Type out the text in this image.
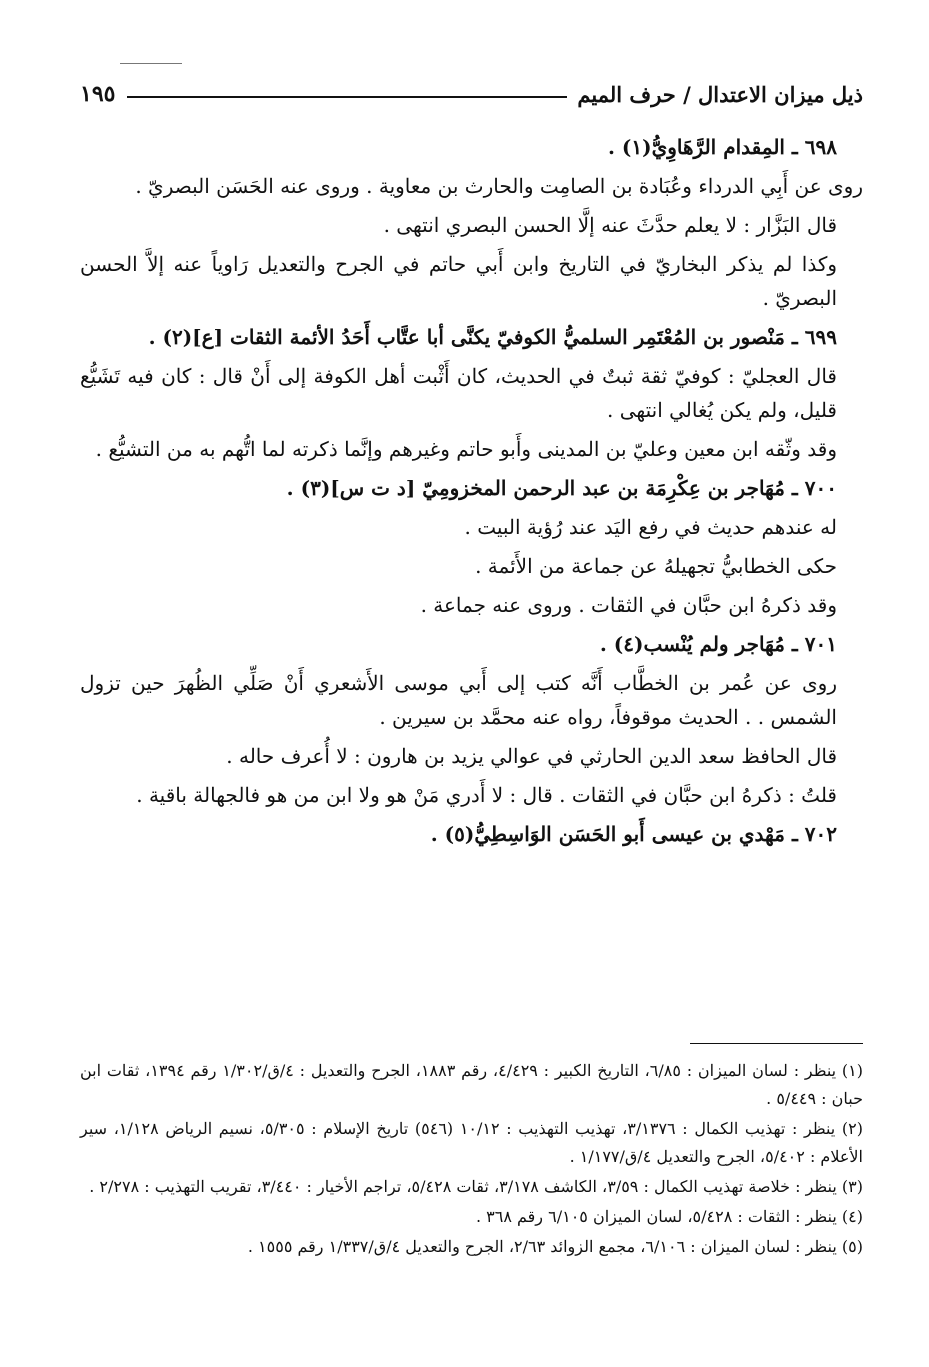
ذيل ميزان الاعتدال / حرف الميم
١٩٥

٦٩٨ ـ المِقدام الرَّهَاوِيُّ(١) .

روى عن أَبِي الدرداء وعُبَادة بن الصامِت والحارث بن معاوية . وروى عنه الحَسَن البصريّ .

قال البَزَّار : لا يعلم حدَّثَ عنه إلَّا الحسن البصري انتهى .

وكذا لم يذكر البخاريّ في التاريخ وابن أَبي حاتم في الجرح والتعديل رَاوياً عنه إلاَّ الحسن البصريّ .

٦٩٩ ـ مَنْصور بن المُعْتَمِر السلميُّ الكوفيّ يكنَّى أبا عتَّاب أَحَدُ الأئمة الثقات [ع](٢) .

قال العجليّ : كوفيّ ثقة ثبتٌ في الحديث، كان أَثْبت أهل الكوفة إلى أَنْ قال : كان فيه تَشَيُّع قليل، ولم يكن يُغالي انتهى .

وقد وثّقه ابن معين وعليّ بن المدينى وأَبو حاتم وغيرهم وإنَّما ذكرته لما اتُّهم به من التشيُّع .

٧٠٠ ـ مُهَاجر بن عِكْرِمَة بن عبد الرحمن المخزومِيّ [د ت س](٣) .

له عندهم حديث في رفع اليَد عند رُؤية البيت .

حكى الخطابيُّ تجهيلهُ عن جماعة من الأَئمة .

وقد ذكرهُ ابن حبَّان في الثقات . وروى عنه جماعة .

٧٠١ ـ مُهَاجر ولم يُنْسب(٤) .

روى عن عُمر بن الخطَّاب أَنَّه كتب إلى أَبي موسى الأَشعري أَنْ صَلِّي الظُهرَ حين تزول الشمس . . الحديث موقوفاً، رواه عنه محمَّد بن سيرين .

قال الحافظ سعد الدين الحارثي في عوالي يزيد بن هارون : لا أُعرف حاله .

قلتُ : ذكرهُ ابن حبَّان في الثقات . قال : لا أَدري مَنْ هو ولا ابن من هو فالجهالة باقية .

٧٠٢ ـ مَهْدي بن عيسى أَبو الحَسَن الوَاسِطِيُّ(٥) .

(١) ينظر : لسان الميزان : ٦/٨٥، التاريخ الكبير : ٤/٤٢٩، رقم ١٨٨٣، الجرح والتعديل : ٤/ق/١/٣٠٢ رقم ١٣٩٤، ثقات ابن حبان : ٥/٤٤٩ .

(٢) ينظر : تهذيب الكمال : ٣/١٣٧٦، تهذيب التهذيب : ١٠/١٢ (٥٤٦) تاريخ الإسلام : ٥/٣٠٥، نسيم الرياض ١/١٢٨، سير الأعلام : ٥/٤٠٢، الجرح والتعديل ٤/ق/١/١٧٧ .

(٣) ينظر : خلاصة تهذيب الكمال : ٣/٥٩، الكاشف ٣/١٧٨، ثقات ٥/٤٢٨، تراجم الأخيار : ٣/٤٤٠، تقريب التهذيب : ٢/٢٧٨ .

(٤) ينظر : الثقات : ٥/٤٢٨، لسان الميزان ٦/١٠٥ رقم ٣٦٨ .

(٥) ينظر : لسان الميزان : ٦/١٠٦، مجمع الزوائد ٢/٦٣، الجرح والتعديل ٤/ق/١/٣٣٧ رقم ١٥٥٥ .
